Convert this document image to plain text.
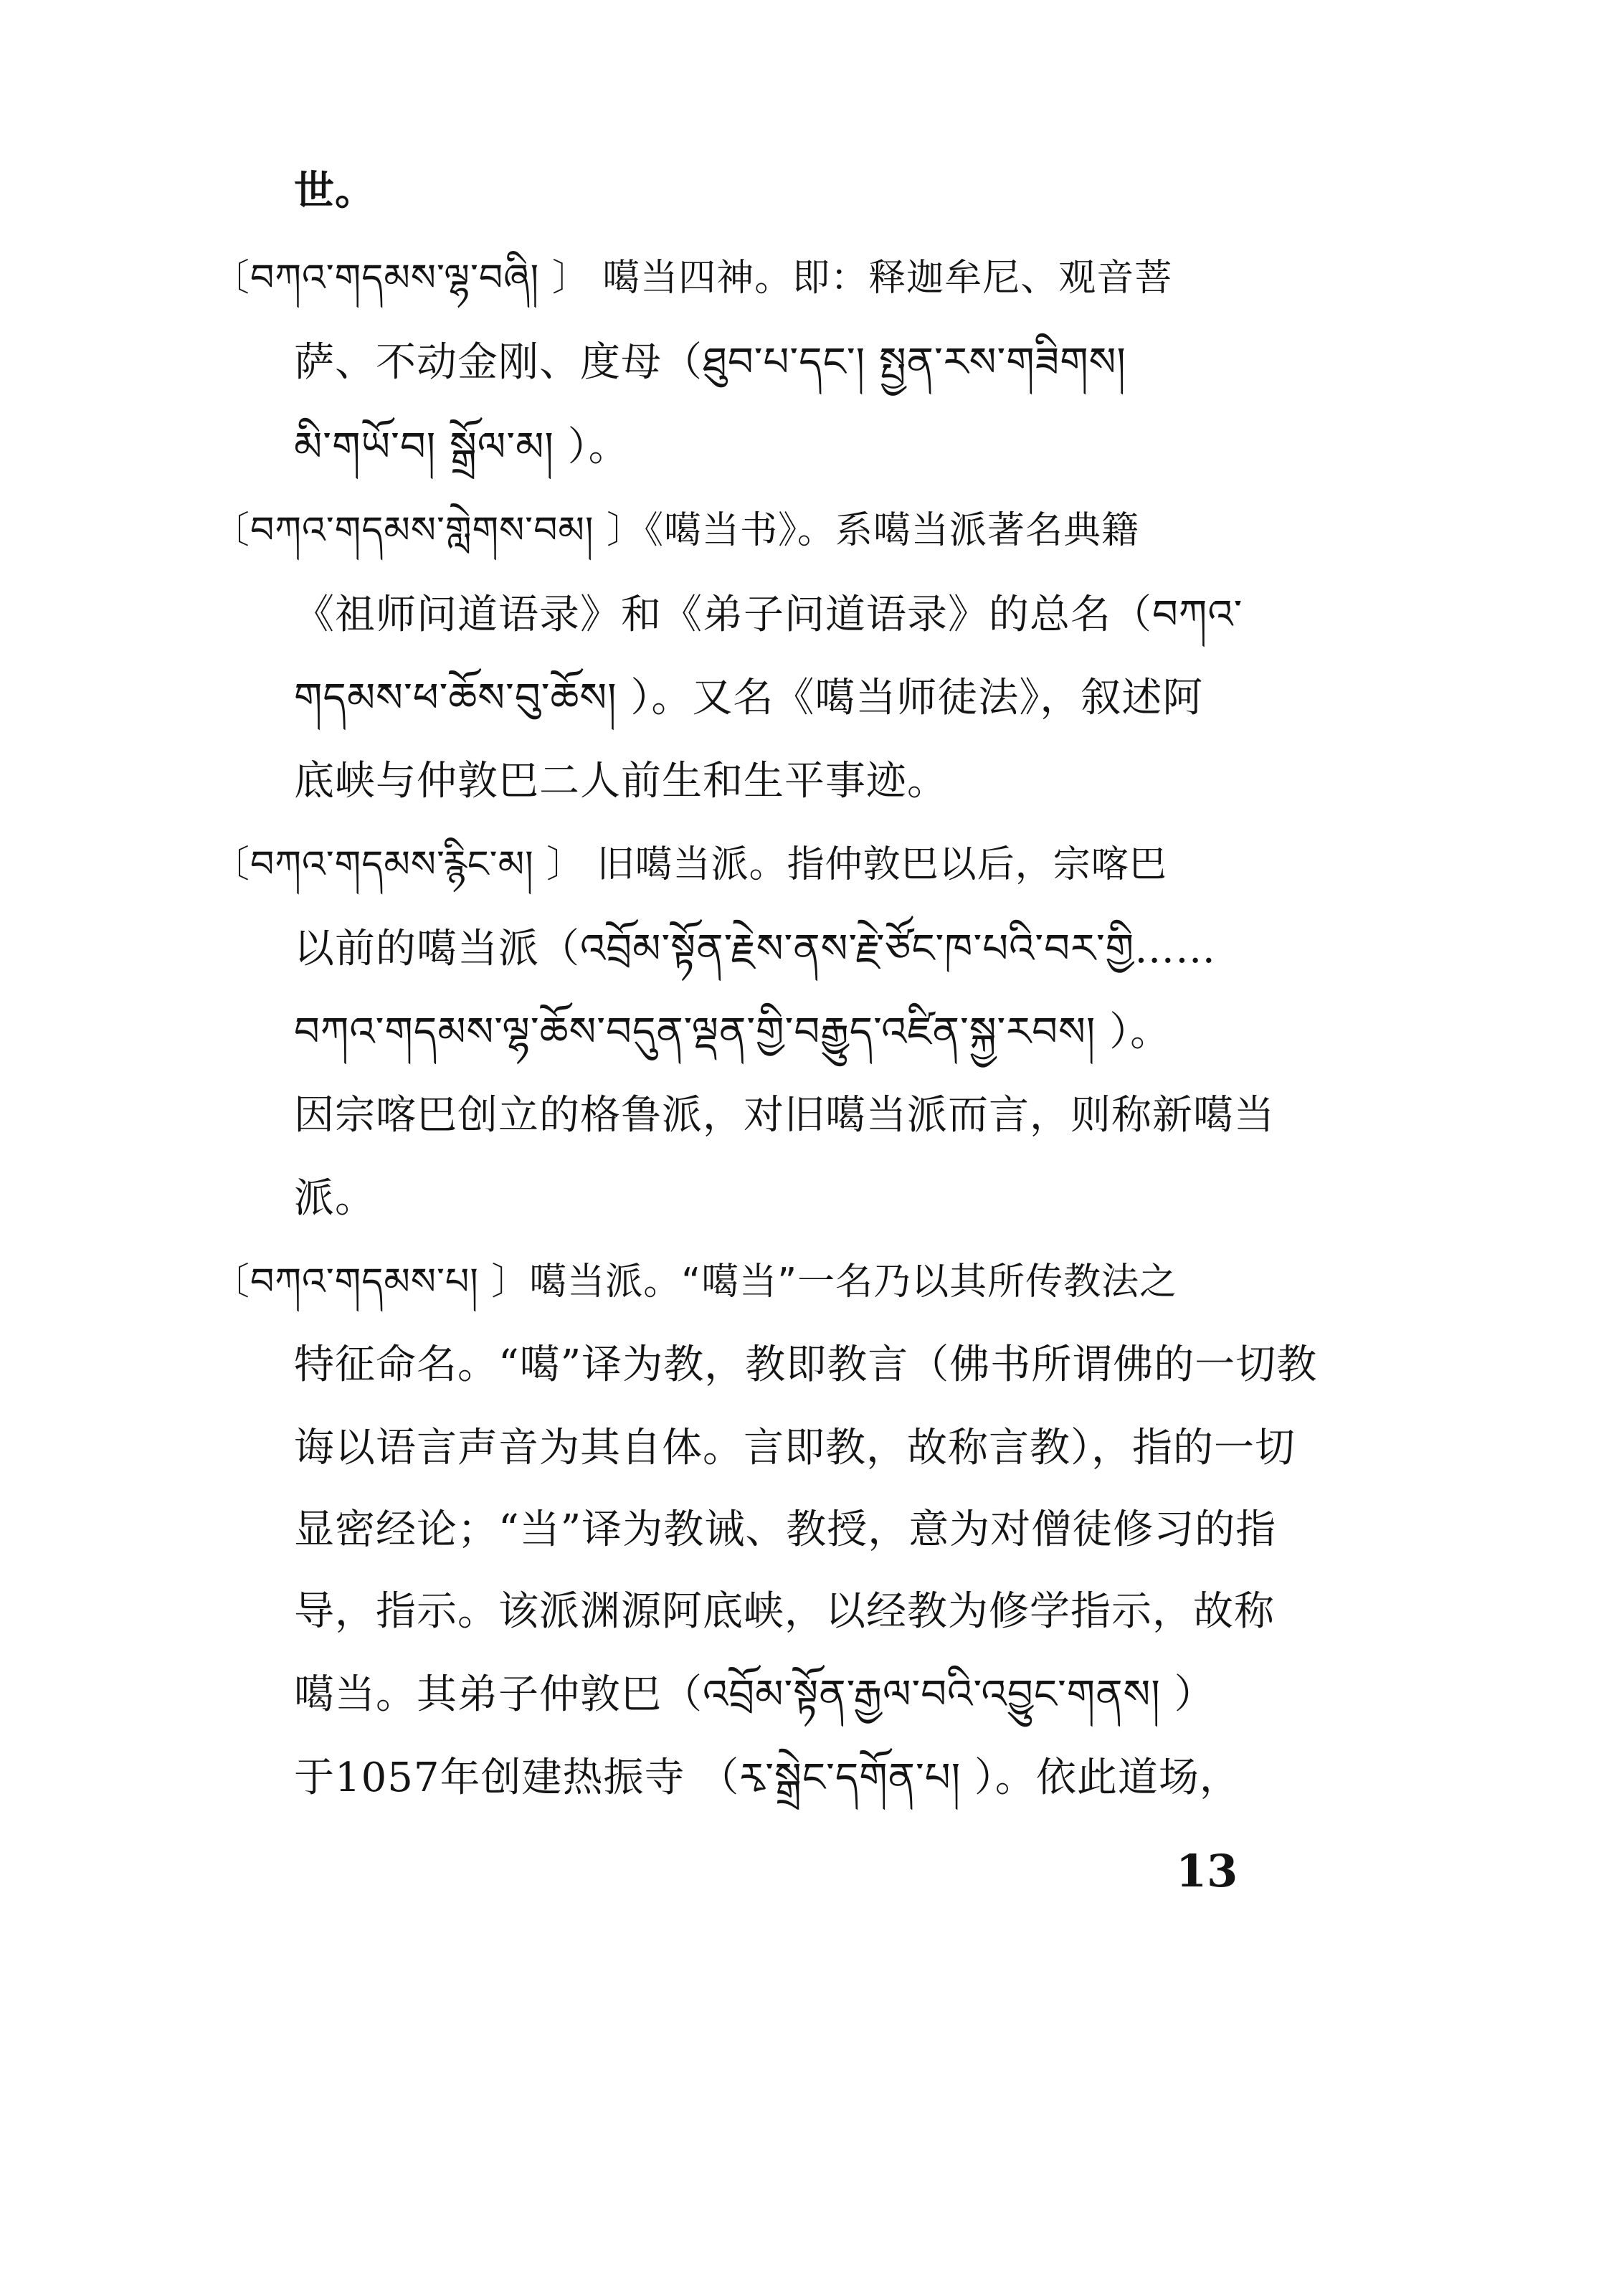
世。
〔བཀའ་གདམས་ལྷ་བཞི། 〕 噶当四神。即：释迦牟尼、观音菩
萨、不动金刚、度母（ཐུབ་པ་དང་། སྤྱན་རས་གཟིགས།
མི་གཡོ་བ། སྒྲོལ་མ། ）。
〔བཀའ་གདམས་གླེགས་བམ། 〕《噶当书》。系噶当派著名典籍
《祖师问道语录》和《弟子问道语录》的总名（བཀའ་
གདམས་ཕ་ཆོས་བུ་ཆོས། ）。又名《噶当师徒法》，叙述阿
底峡与仲敦巴二人前生和生平事迹。
〔བཀའ་གདམས་རྙིང་མ། 〕 旧噶当派。指仲敦巴以后，宗喀巴
以前的噶当派（འབྲོམ་སྟོན་རྗེས་ནས་རྗེ་ཙོང་ཁ་པའི་བར་གྱི……
བཀའ་གདམས་ལྷ་ཆོས་བདུན་ལྡན་གྱི་བརྒྱུད་འཛིན་སྐྱ་རབས། ）。
因宗喀巴创立的格鲁派，对旧噶当派而言，则称新噶当
派。
〔བཀའ་གདམས་པ། 〕噶当派。“噶当”一名乃以其所传教法之
特征命名。“噶”译为教，教即教言（佛书所谓佛的一切教
诲以语言声音为其自体。言即教，故称言教），指的一切
显密经论；“当”译为教诫、教授，意为对僧徒修习的指
导，指示。该派渊源阿底峡，以经教为修学指示，故称
噶当。其弟子仲敦巴（འབྲོམ་སྟོན་རྒྱལ་བའི་འབྱུང་གནས། ）
于1057年创建热振寺 （རྭ་སྒྲེང་དགོན་པ། ）。依此道场，
13
